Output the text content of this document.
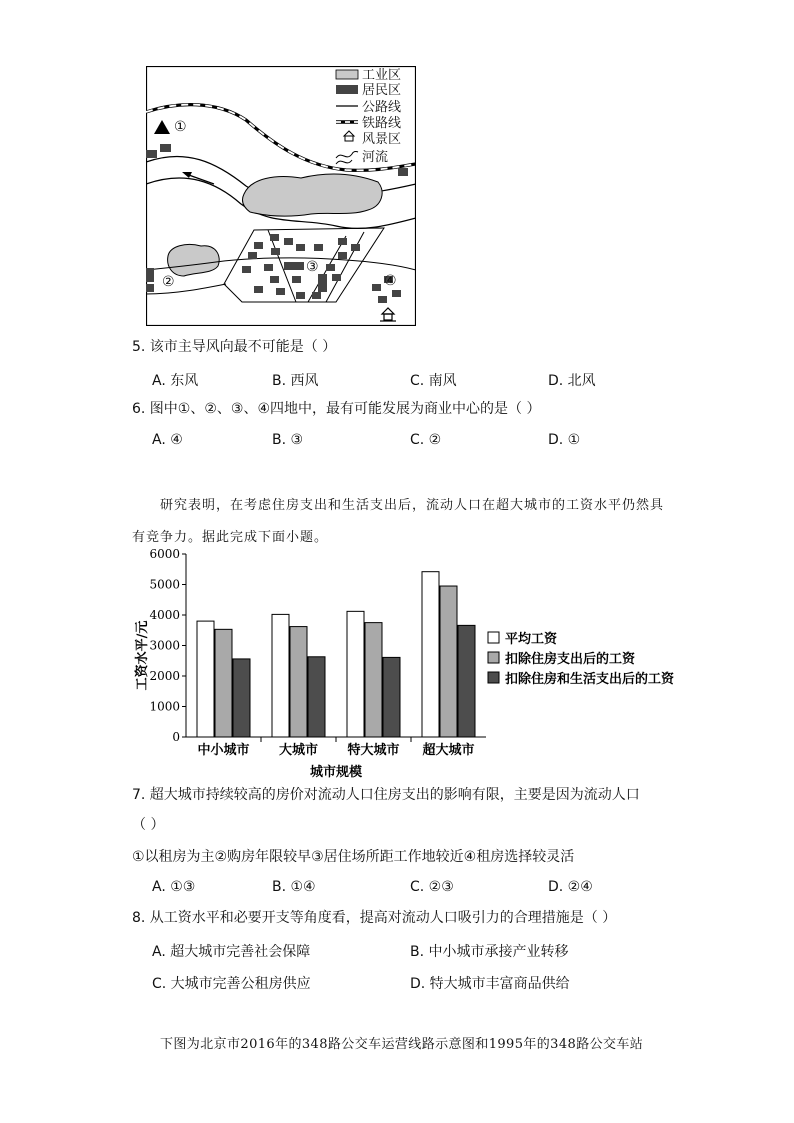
工业区
居民区
公路线
铁路线
风景区
河流
①
②
③
④
5. 该市主导风向最不可能是（ ）
A. 东风	B. 西风	C. 南风	D. 北风
6. 图中①、②、③、④四地中，最有可能发展为商业中心的是（ ）
A. ④	B. ③	C. ②	D. ①
研究表明，在考虑住房支出和生活支出后，流动人口在超大城市的工资水平仍然具
有竞争力。据此完成下面小题。
0
1000
2000
3000
4000
5000
6000
中小城市 大城市 特大城市 超大城市
城市规模
工资水平/元	平均工资
扣除住房支出后的工资
扣除住房和生活支出后的工资
7. 超大城市持续较高的房价对流动人口住房支出的影响有限，主要是因为流动人口
（ ）
①以租房为主②购房年限较早③居住场所距工作地较近④租房选择较灵活
A. ①③	B. ①④	C. ②③	D. ②④
8. 从工资水平和必要开支等角度看，提高对流动人口吸引力的合理措施是（ ）
A. 超大城市完善社会保障	B. 中小城市承接产业转移
C. 大城市完善公租房供应	D. 特大城市丰富商品供给
下图为北京市2016年的348路公交车运营线路示意图和1995年的348路公交车站
